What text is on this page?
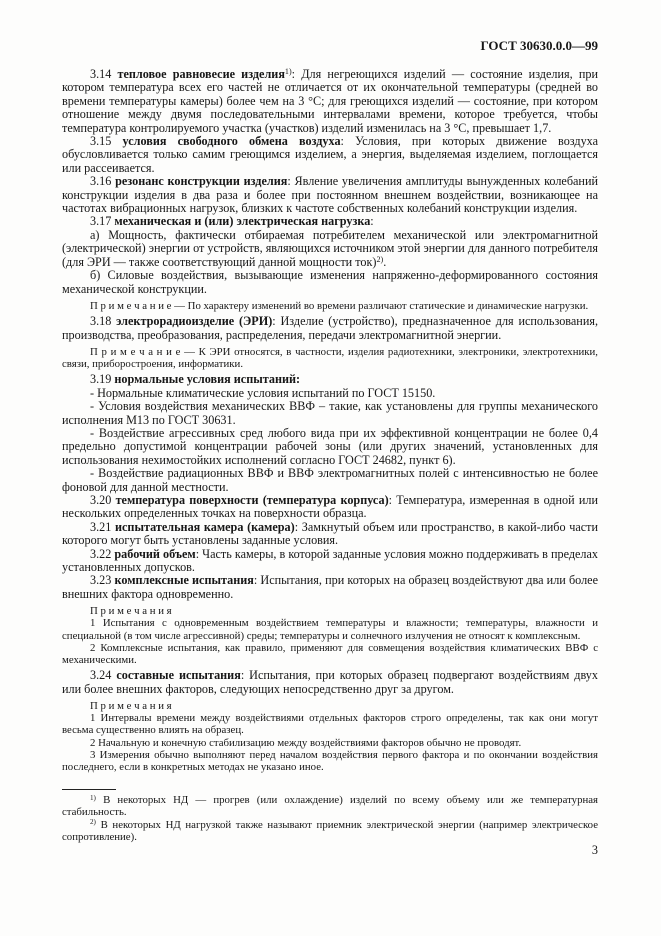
ГОСТ 30630.0.0—99

3.14 тепловое равновесие изделия$^{1)}$: Для негреющихся изделий — состояние изделия, при котором температура всех его частей не отличается от их окончательной температуры (средней во времени температуры камеры) более чем на 3 °С; для греющихся изделий — состояние, при котором отношение между двумя последовательными интервалами времени, которое требуется, чтобы температура контролируемого участка (участков) изделий изменилась на 3 °С, превышает 1,7.

3.15 условия свободного обмена воздуха: Условия, при которых движение воздуха обусловливается только самим греющимся изделием, а энергия, выделяемая изделием, поглощается или рассеивается.

3.16 резонанс конструкции изделия: Явление увеличения амплитуды вынужденных колебаний конструкции изделия в два раза и более при постоянном внешнем воздействии, возникающее на частотах вибрационных нагрузок, близких к частоте собственных колебаний конструкции изделия.

3.17 механическая и (или) электрическая нагрузка:

а) Мощность, фактически отбираемая потребителем механической или электромагнитной (электрической) энергии от устройств, являющихся источником этой энергии для данного потребителя (для ЭРИ — также соответствующий данной мощности ток)$^{2)}$.

б) Силовые воздействия, вызывающие изменения напряженно-деформированного состояния механической конструкции.

П р и м е ч а н и е — По характеру изменений во времени различают статические и динамические нагрузки.

3.18 электрорадиоизделие (ЭРИ): Изделие (устройство), предназначенное для использования, производства, преобразования, распределения, передачи электромагнитной энергии.

П р и м е ч а н и е — К ЭРИ относятся, в частности, изделия радиотехники, электроники, электротехники, связи, приборостроения, информатики.

3.19 нормальные условия испытаний:

- Нормальные климатические условия испытаний по ГОСТ 15150.

- Условия воздействия механических ВВФ – такие, как установлены для группы механического исполнения М13 по ГОСТ 30631.

- Воздействие агрессивных сред любого вида при их эффективной концентрации не более 0,4 предельно допустимой концентрации рабочей зоны (или других значений, установленных для использования нехимостойких исполнений согласно ГОСТ 24682, пункт 6).

- Воздействие радиационных ВВФ и ВВФ электромагнитных полей с интенсивностью не более фоновой для данной местности.

3.20 температура поверхности (температура корпуса): Температура, измеренная в одной или нескольких определенных точках на поверхности образца.

3.21 испытательная камера (камера): Замкнутый объем или пространство, в какой-либо части которого могут быть установлены заданные условия.

3.22 рабочий объем: Часть камеры, в которой заданные условия можно поддерживать в пределах установленных допусков.

3.23 комплексные испытания: Испытания, при которых на образец воздействуют два или более внешних фактора одновременно.

П р и м е ч а н и я

1 Испытания с одновременным воздействием температуры и влажности; температуры, влажности и специальной (в том числе агрессивной) среды; температуры и солнечного излучения не относят к комплексным.

2 Комплексные испытания, как правило, применяют для совмещения воздействия климатических ВВФ с механическими.

3.24 составные испытания: Испытания, при которых образец подвергают воздействиям двух или более внешних факторов, следующих непосредственно друг за другом.

П р и м е ч а н и я

1 Интервалы времени между воздействиями отдельных факторов строго определены, так как они могут весьма существенно влиять на образец.

2 Начальную и конечную стабилизацию между воздействиями факторов обычно не проводят.

3 Измерения обычно выполняют перед началом воздействия первого фактора и по окончании воздействия последнего, если в конкретных методах не указано иное.

$^{1)}$ В некоторых НД — прогрев (или охлаждение) изделий по всему объему или же температурная стабильность.

$^{2)}$ В некоторых НД нагрузкой также называют приемник электрической энергии (например электрическое сопротивление).

3
